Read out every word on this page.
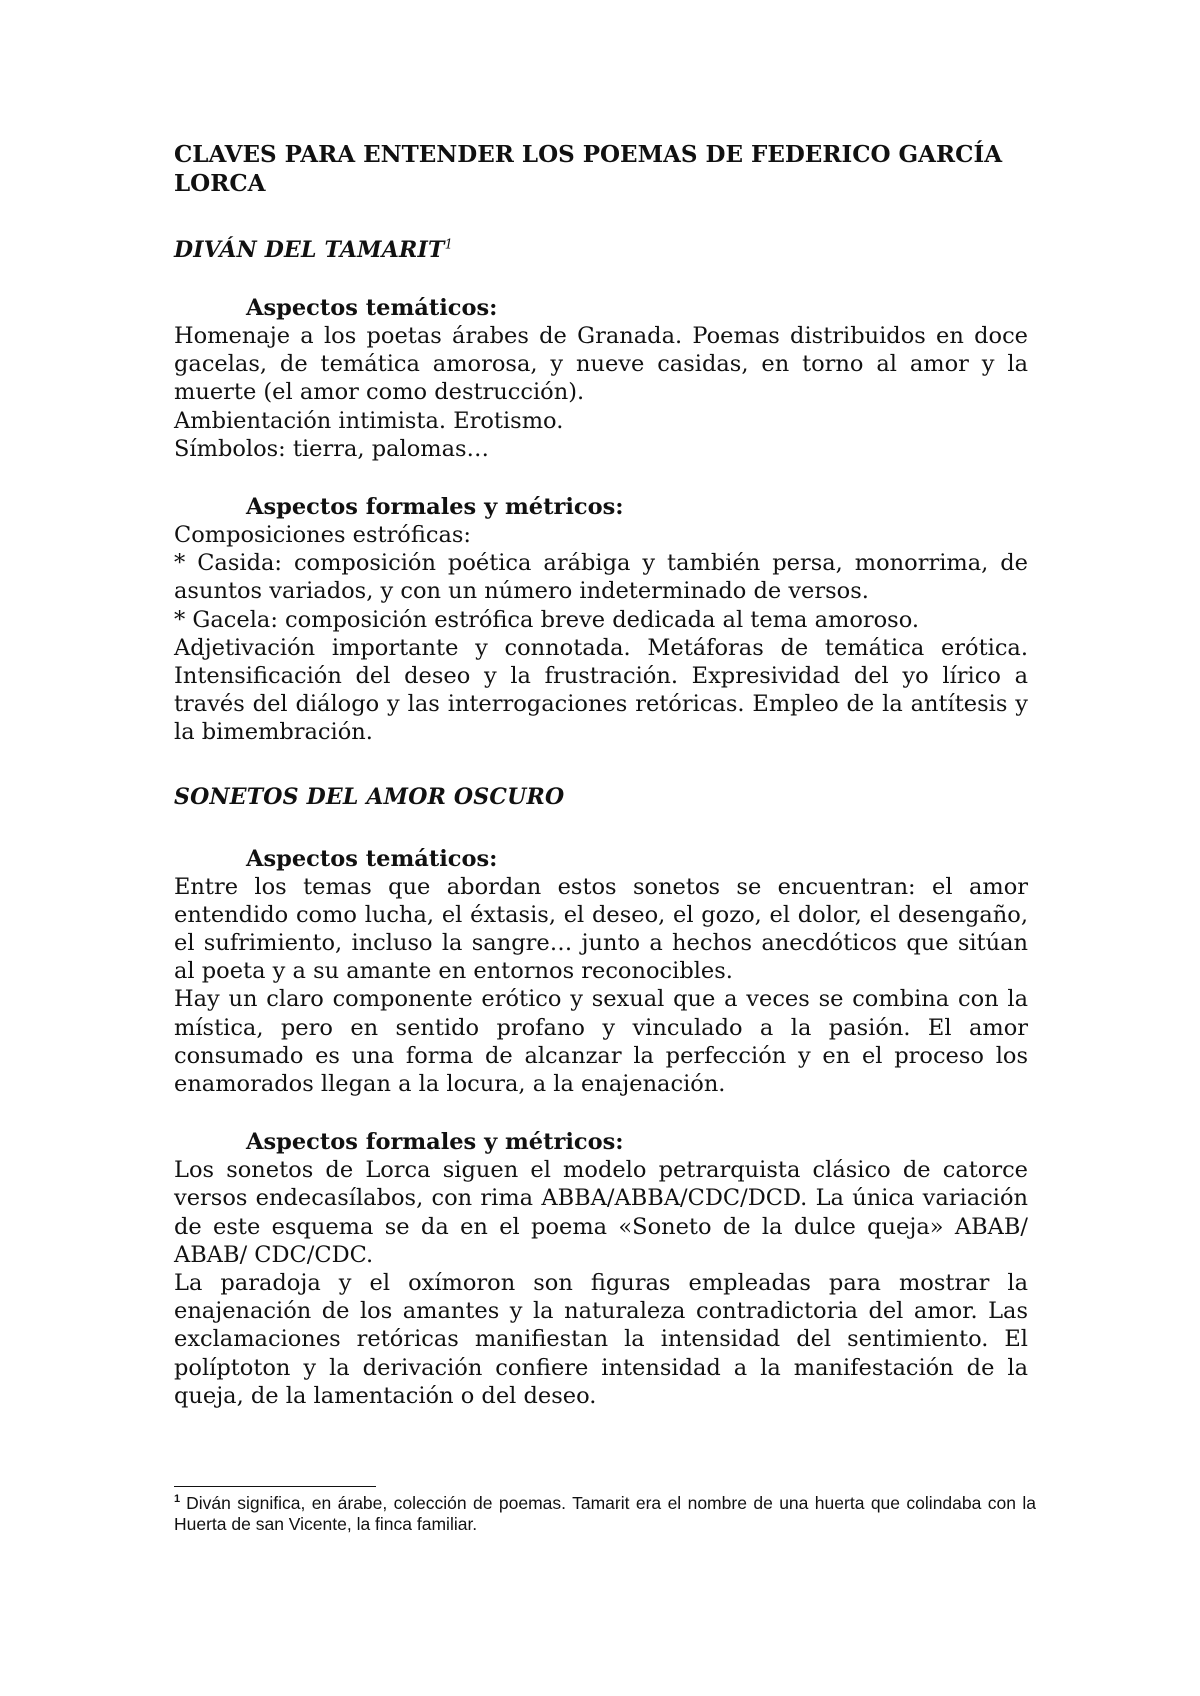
CLAVES PARA ENTENDER LOS POEMAS DE FEDERICO GARCÍA LORCA
DIVÁN DEL TAMARIT$^1$
Aspectos temáticos:

Homenaje a los poetas árabes de Granada. Poemas distribuidos en doce gacelas, de temática amorosa, y nueve casidas, en torno al amor y la muerte (el amor como destrucción).

Ambientación intimista. Erotismo.

Símbolos: tierra, palomas…

Aspectos formales y métricos:

Composiciones estróficas:

* Casida: composición poética arábiga y también persa, monorrima, de asuntos variados, y con un número indeterminado de versos.

* Gacela: composición estrófica breve dedicada al tema amoroso.

Adjetivación importante y connotada. Metáforas de temática erótica. Intensificación del deseo y la frustración. Expresividad del yo lírico a través del diálogo y las interrogaciones retóricas. Empleo de la antítesis y la bimembración.

SONETOS DEL AMOR OSCURO
Aspectos temáticos:

Entre los temas que abordan estos sonetos se encuentran: el amor entendido como lucha, el éxtasis, el deseo, el gozo, el dolor, el desengaño, el sufrimiento, incluso la sangre… junto a hechos anecdóticos que sitúan al poeta y a su amante en entornos reconocibles.

Hay un claro componente erótico y sexual que a veces se combina con la mística, pero en sentido profano y vinculado a la pasión. El amor consumado es una forma de alcanzar la perfección y en el proceso los enamorados llegan a la locura, a la enajenación.

Aspectos formales y métricos:

Los sonetos de Lorca siguen el modelo petrarquista clásico de catorce versos endecasílabos, con rima ABBA/ABBA/CDC/DCD. La única variación de este esquema se da en el poema «Soneto de la dulce queja» ABAB/ ABAB/ CDC/CDC.

La paradoja y el oxímoron son figuras empleadas para mostrar la enajenación de los amantes y la naturaleza contradictoria del amor. Las exclamaciones retóricas manifiestan la intensidad del sentimiento. El políptoton y la derivación confiere intensidad a la manifestación de la queja, de la lamentación o del deseo.

$^1$ Diván significa, en árabe, colección de poemas. Tamarit era el nombre de una huerta que colindaba con la Huerta de san Vicente, la finca familiar.
